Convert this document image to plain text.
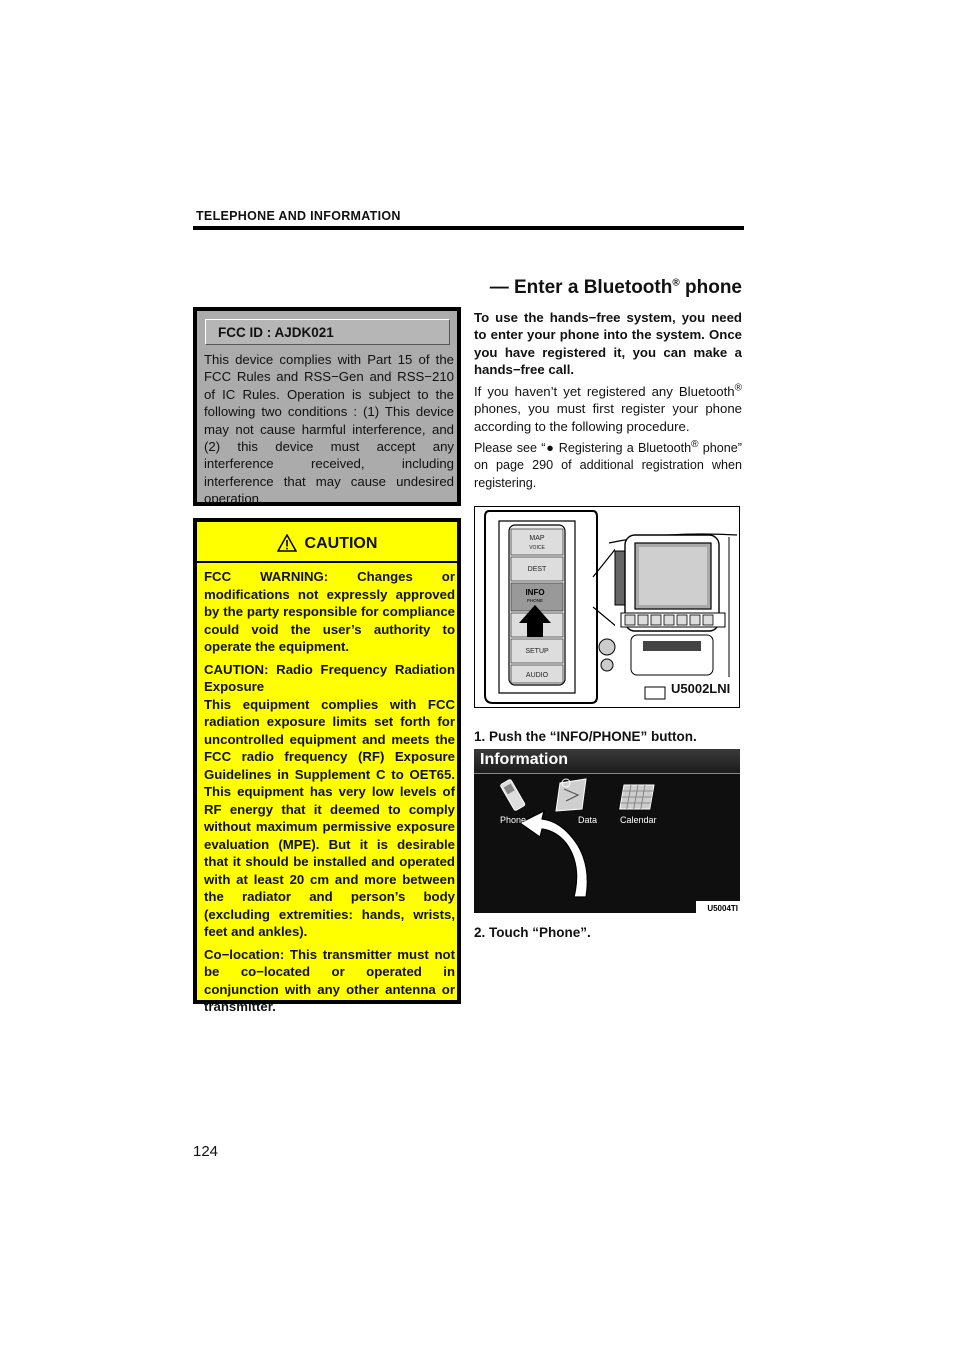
TELEPHONE AND INFORMATION
— Enter a Bluetooth® phone
FCC ID : AJDK021
This device complies with Part 15 of the FCC Rules and RSS−Gen and RSS−210 of IC Rules. Operation is subject to the following two conditions : (1) This device may not cause harmful interference, and (2) this device must accept any interference received, including interference that may cause undesired operation.
CAUTION

FCC WARNING: Changes or modifications not expressly approved by the party responsible for compliance could void the user’s authority to operate the equipment.

CAUTION: Radio Frequency Radiation Exposure
This equipment complies with FCC radiation exposure limits set forth for uncontrolled equipment and meets the FCC radio frequency (RF) Exposure Guidelines in Supplement C to OET65. This equipment has very low levels of RF energy that it deemed to comply without maximum permissive exposure evaluation (MPE). But it is desirable that it should be installed and operated with at least 20 cm and more between the radiator and person’s body (excluding extremities: hands, wrists, feet and ankles).

Co−location: This transmitter must not be co−located or operated in conjunction with any other antenna or transmitter.

To use the hands−free system, you need to enter your phone into the system. Once you have registered it, you can make a hands−free call.

If you haven’t yet registered any Bluetooth® phones, you must first register your phone according to the following procedure.

Please see “● Registering a Bluetooth® phone” on page 290 of additional registration when registering.

MAP
VOICE
DEST
INFO
PHONE
SETUP
AUDIO
U5002LNI
1. Push the “INFO/PHONE” button.
Information
Phone	Data	Calendar
U5004TI
2. Touch “Phone”.
124
